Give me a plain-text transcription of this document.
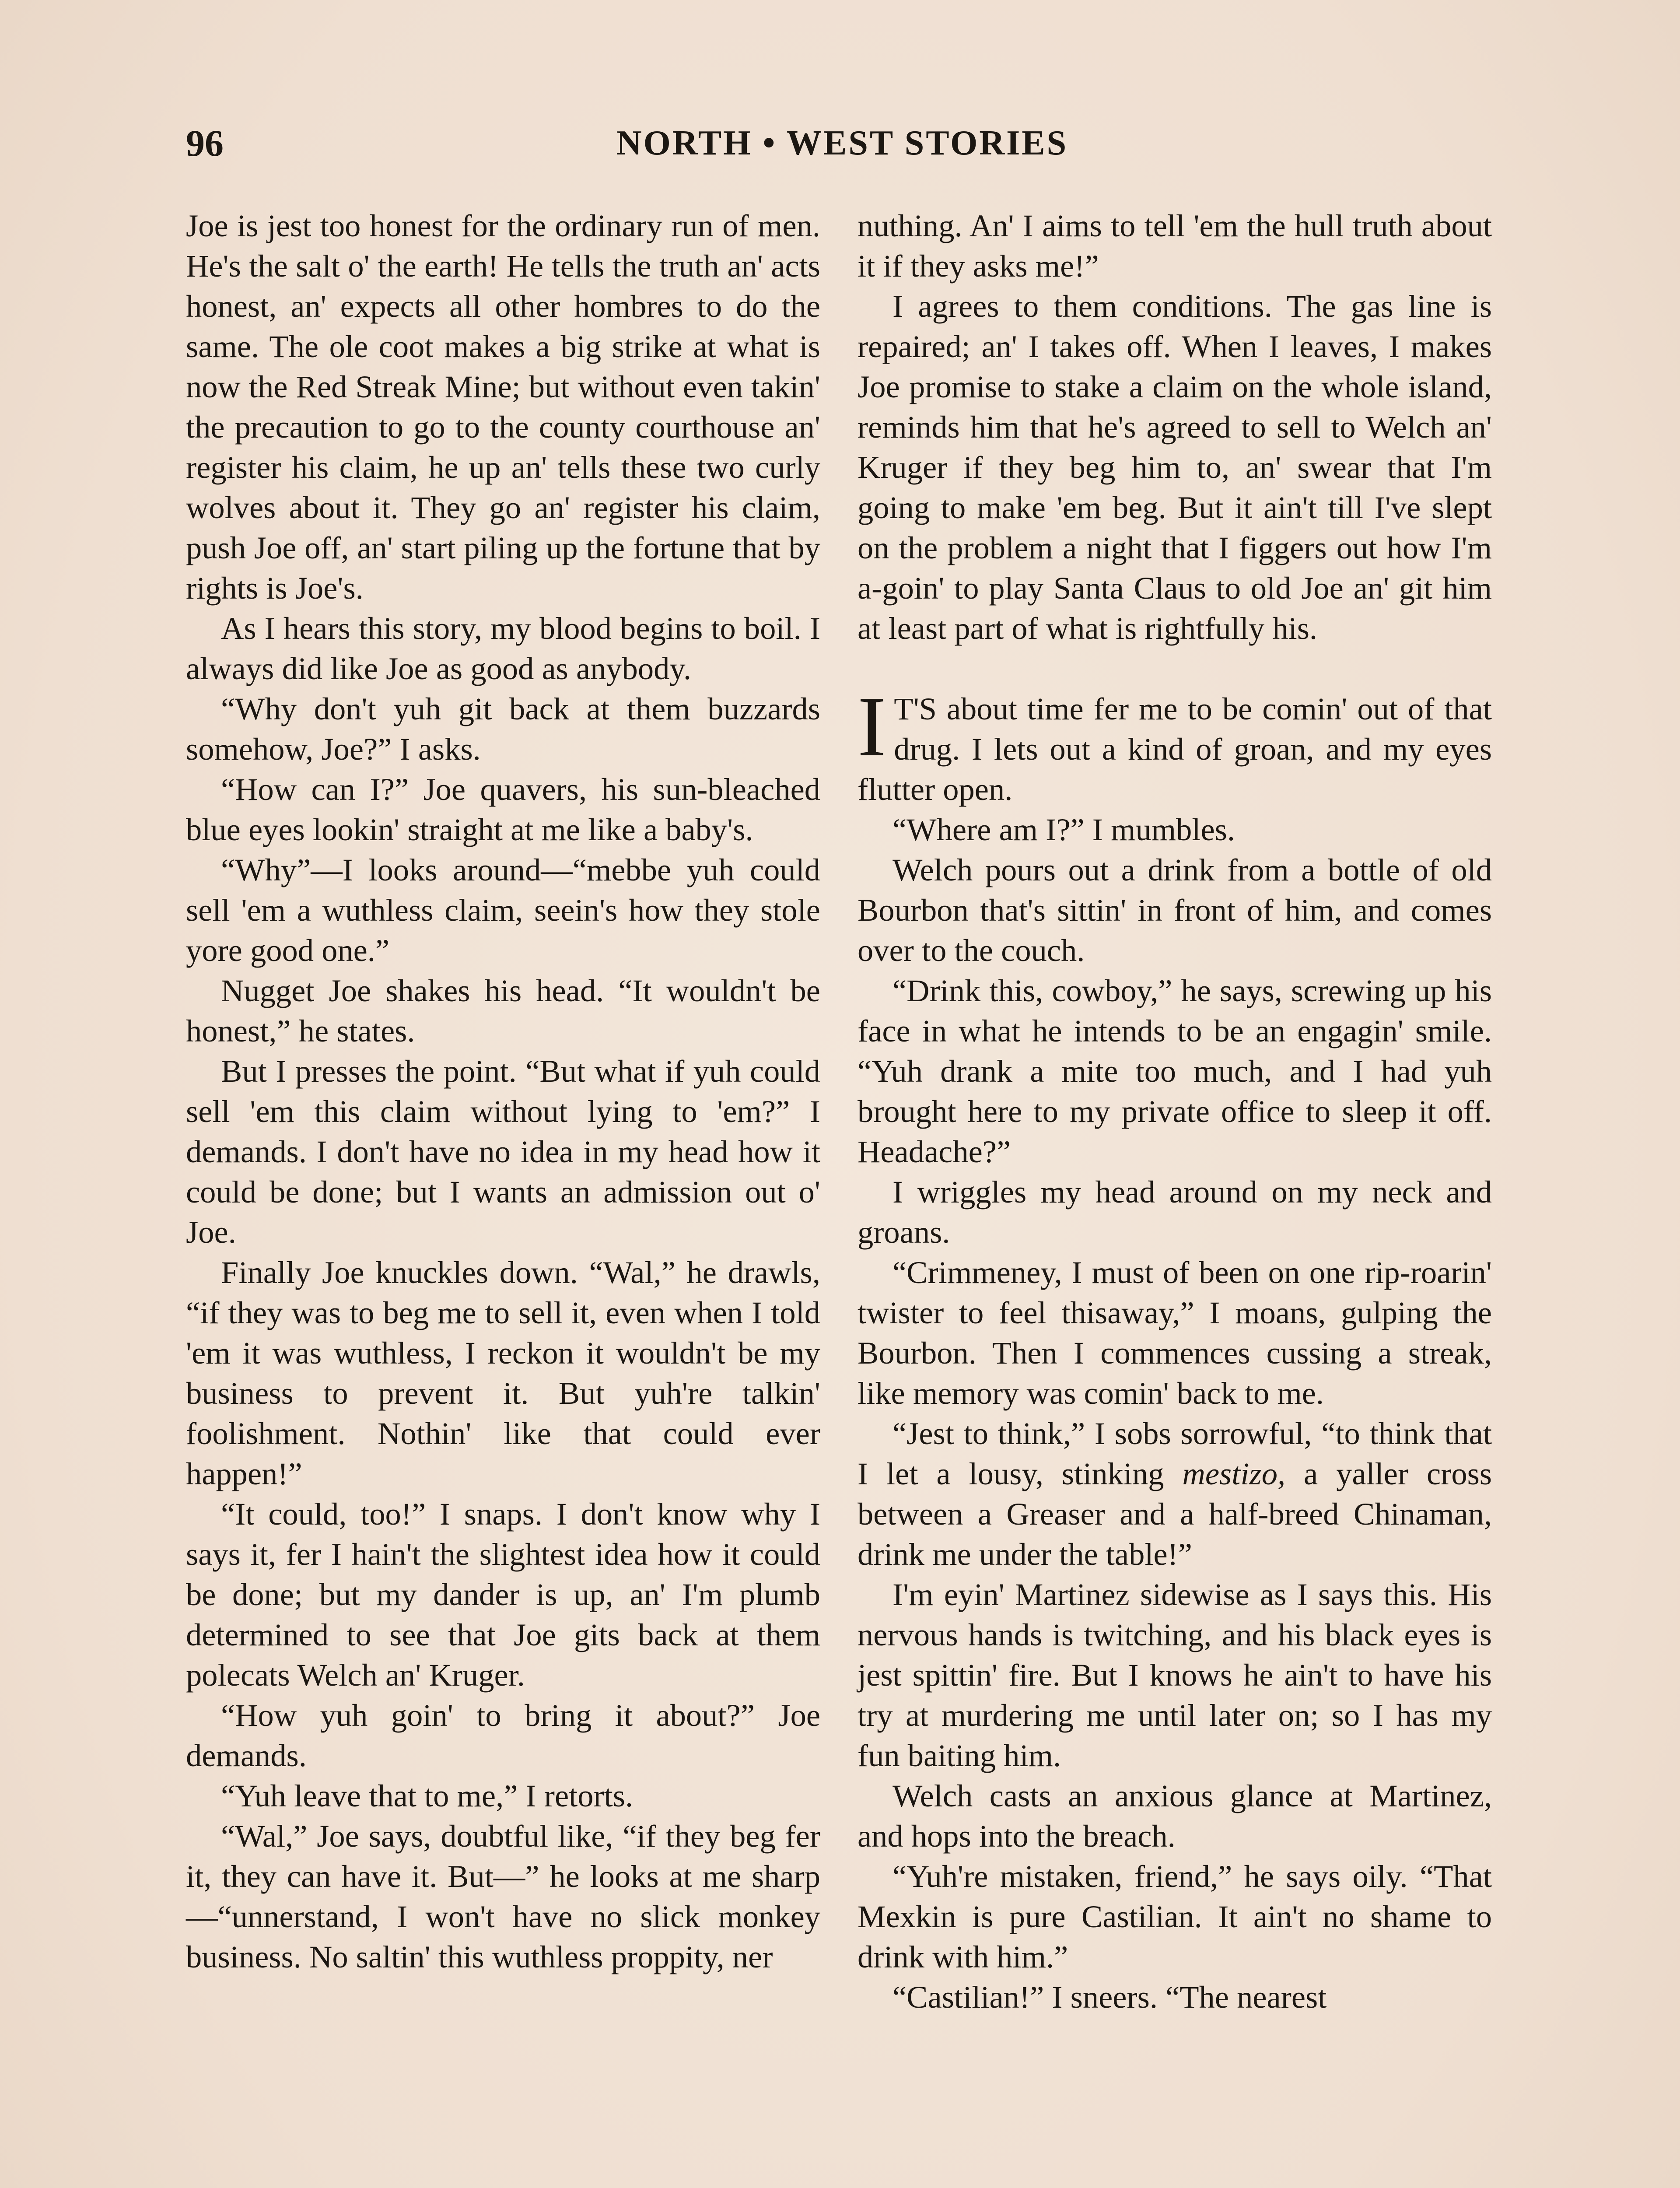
96	NORTH • WEST STORIES

Joe is jest too honest for the ordinary run of men. He's the salt o' the earth! He tells the truth an' acts honest, an' expects all other hombres to do the same. The ole coot makes a big strike at what is now the Red Streak Mine; but without even takin' the precaution to go to the county courthouse an' register his claim, he up an' tells these two curly wolves about it. They go an' register his claim, push Joe off, an' start piling up the fortune that by rights is Joe's.

As I hears this story, my blood begins to boil. I always did like Joe as good as anybody.

“Why don't yuh git back at them buzzards somehow, Joe?” I asks.

“How can I?” Joe quavers, his sun-bleached blue eyes lookin' straight at me like a baby's.

“Why”—I looks around—“mebbe yuh could sell 'em a wuthless claim, seein's how they stole yore good one.”

Nugget Joe shakes his head. “It wouldn't be honest,” he states.

But I presses the point. “But what if yuh could sell 'em this claim without lying to 'em?” I demands. I don't have no idea in my head how it could be done; but I wants an admission out o' Joe.

Finally Joe knuckles down. “Wal,” he drawls, “if they was to beg me to sell it, even when I told 'em it was wuthless, I reckon it wouldn't be my business to prevent it. But yuh're talkin' foolishment. Nothin' like that could ever happen!”

“It could, too!” I snaps. I don't know why I says it, fer I hain't the slightest idea how it could be done; but my dander is up, an' I'm plumb determined to see that Joe gits back at them polecats Welch an' Kruger.

“How yuh goin' to bring it about?” Joe demands.

“Yuh leave that to me,” I retorts.

“Wal,” Joe says, doubtful like, “if they beg fer it, they can have it. But—” he looks at me sharp—“unnerstand, I won't have no slick monkey business. No saltin' this wuthless proppity, ner

nuthing. An' I aims to tell 'em the hull truth about it if they asks me!”

I agrees to them conditions. The gas line is repaired; an' I takes off. When I leaves, I makes Joe promise to stake a claim on the whole island, reminds him that he's agreed to sell to Welch an' Kruger if they beg him to, an' swear that I'm going to make 'em beg. But it ain't till I've slept on the problem a night that I figgers out how I'm a-goin' to play Santa Claus to old Joe an' git him at least part of what is rightfully his.

I T'S about time fer me to be comin' out of that drug. I lets out a kind of groan, and my eyes flutter open.

“Where am I?” I mumbles.

Welch pours out a drink from a bottle of old Bourbon that's sittin' in front of him, and comes over to the couch.

“Drink this, cowboy,” he says, screwing up his face in what he intends to be an engagin' smile. “Yuh drank a mite too much, and I had yuh brought here to my private office to sleep it off. Headache?”

I wriggles my head around on my neck and groans.

“Crimmeney, I must of been on one rip-roarin' twister to feel thisaway,” I moans, gulping the Bourbon. Then I commences cussing a streak, like memory was comin' back to me.

“Jest to think,” I sobs sorrowful, “to think that I let a lousy, stinking mestizo, a yaller cross between a Greaser and a half-breed Chinaman, drink me under the table!”

I'm eyin' Martinez sidewise as I says this. His nervous hands is twitching, and his black eyes is jest spittin' fire. But I knows he ain't to have his try at murdering me until later on; so I has my fun baiting him.

Welch casts an anxious glance at Martinez, and hops into the breach.

“Yuh're mistaken, friend,” he says oily. “That Mexkin is pure Castilian. It ain't no shame to drink with him.”

“Castilian!” I sneers. “The nearest
